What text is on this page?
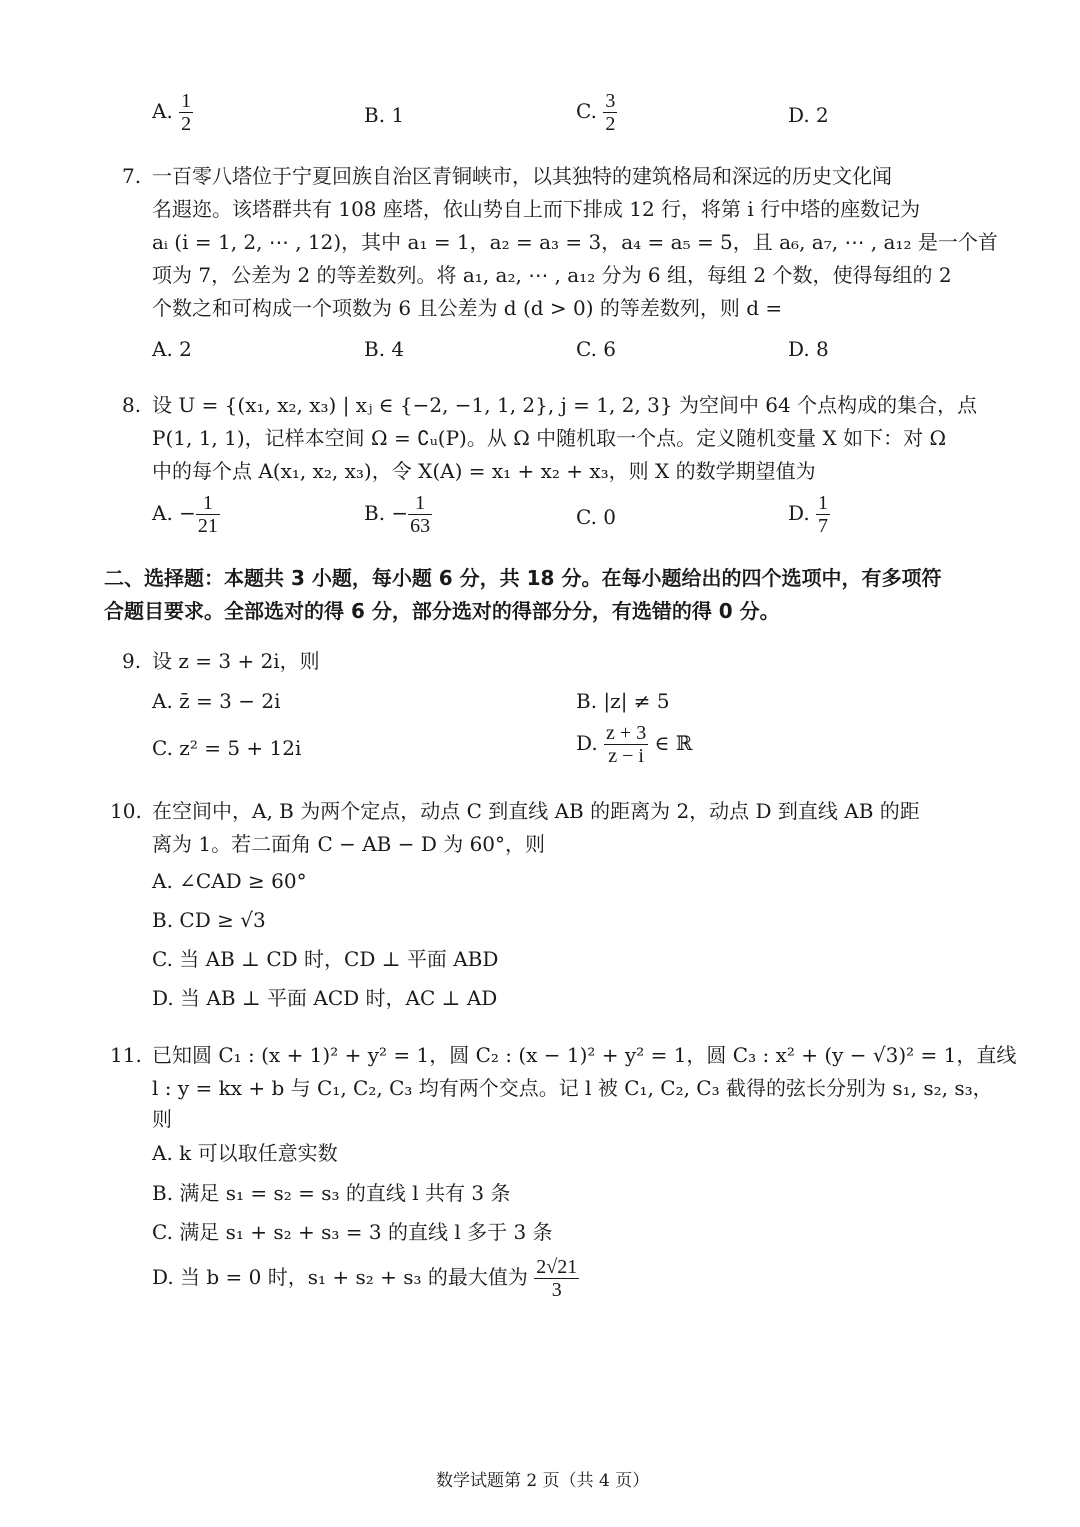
A. $\frac{1}{2}$	B. 1	C. $\frac{3}{2}$	D. 2
7. 一百零八塔位于宁夏回族自治区青铜峡市，以其独特的建筑格局和深远的历史文化闻
名遐迩。该塔群共有 108 座塔，依山势自上而下排成 12 行，将第 i 行中塔的座数记为
aᵢ (i = 1, 2, ⋯ , 12)，其中 a₁ = 1，a₂ = a₃ = 3，a₄ = a₅ = 5，且 a₆, a₇, ⋯ , a₁₂ 是一个首
项为 7，公差为 2 的等差数列。将 a₁, a₂, ⋯ , a₁₂ 分为 6 组，每组 2 个数，使得每组的 2
个数之和可构成一个项数为 6 且公差为 d (d > 0) 的等差数列，则 d =
A. 2	B. 4	C. 6	D. 8
8. 设 U = {(x₁, x₂, x₃) | xⱼ ∈ {−2, −1, 1, 2}, j = 1, 2, 3} 为空间中 64 个点构成的集合，点
P(1, 1, 1)，记样本空间 Ω = ∁ᵤ(P)。从 Ω 中随机取一个点。定义随机变量 X 如下：对 Ω
中的每个点 A(x₁, x₂, x₃)，令 X(A) = x₁ + x₂ + x₃，则 X 的数学期望值为
A. − $\frac{1}{21}$	B. − $\frac{1}{63}$	C. 0	D. $\frac{1}{7}$
二、选择题：本题共 3 小题，每小题 6 分，共 18 分。在每小题给出的四个选项中，有多项符
合题目要求。全部选对的得 6 分，部分选对的得部分分，有选错的得 0 分。
9. 设 z = 3 + 2i，则
A. z̄ = 3 − 2i	B. |z| ≠ 5
C. z² = 5 + 12i	D. $\frac{z + 3}{z - i}$ ∈ ℝ
10. 在空间中，A, B 为两个定点，动点 C 到直线 AB 的距离为 2，动点 D 到直线 AB 的距
离为 1。若二面角 C − AB − D 为 60°，则
A. ∠CAD ≥ 60°
B. CD ≥ √3
C. 当 AB ⊥ CD 时，CD ⊥ 平面 ABD
D. 当 AB ⊥ 平面 ACD 时，AC ⊥ AD
11. 已知圆 C₁ : (x + 1)² + y² = 1，圆 C₂ : (x − 1)² + y² = 1，圆 C₃ : x² + (y − √3)² = 1，直线
l : y = kx + b 与 C₁, C₂, C₃ 均有两个交点。记 l 被 C₁, C₂, C₃ 截得的弦长分别为 s₁, s₂, s₃，
则
A. k 可以取任意实数
B. 满足 s₁ = s₂ = s₃ 的直线 l 共有 3 条
C. 满足 s₁ + s₂ + s₃ = 3 的直线 l 多于 3 条
D. 当 b = 0 时，s₁ + s₂ + s₃ 的最大值为 $\frac{2√21}{3}$
数学试题第 2 页（共 4 页）
